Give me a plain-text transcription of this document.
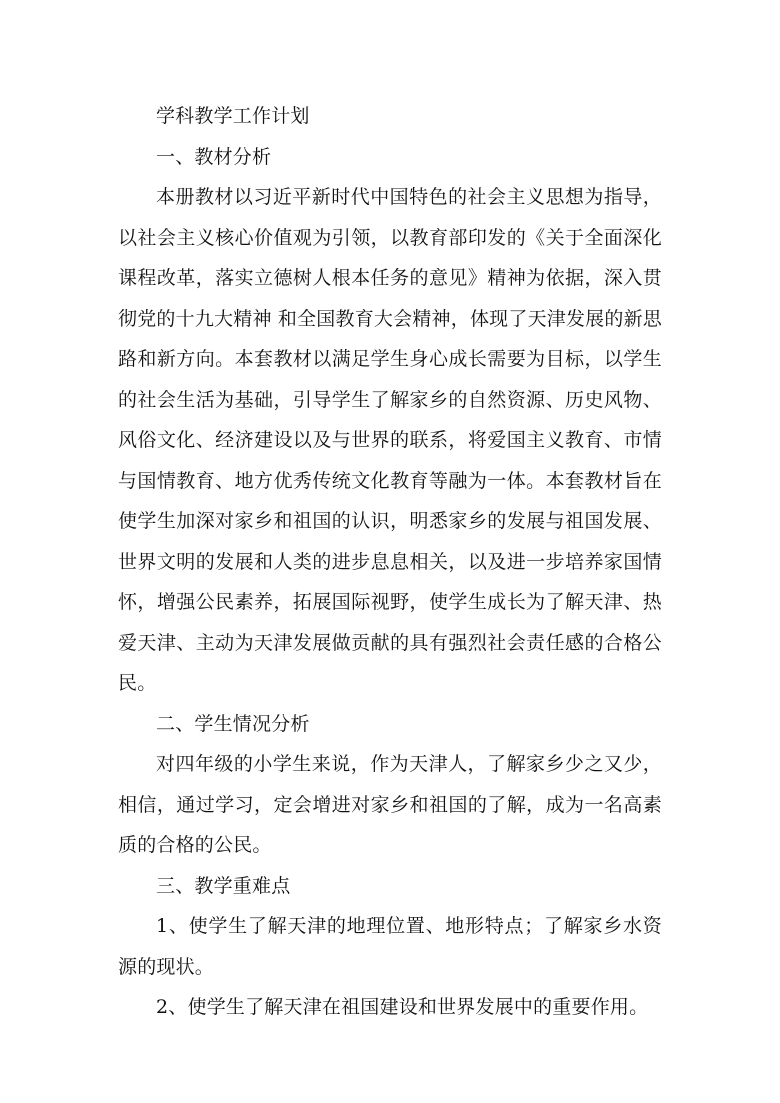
学科教学工作计划

一、教材分析

本册教材以习近平新时代中国特色的社会主义思想为指导，以社会主义核心价值观为引领，以教育部印发的《关于全面深化课程改革，落实立德树人根本任务的意见》精神为依据，深入贯彻党的十九大精神 和全国教育大会精神，体现了天津发展的新思路和新方向。本套教材以满足学生身心成长需要为目标，以学生的社会生活为基础，引导学生了解家乡的自然资源、历史风物、风俗文化、经济建设以及与世界的联系，将爱国主义教育、市情与国情教育、地方优秀传统文化教育等融为一体。本套教材旨在使学生加深对家乡和祖国的认识，明悉家乡的发展与祖国发展、世界文明的发展和人类的进步息息相关，以及进一步培养家国情怀，增强公民素养，拓展国际视野，使学生成长为了解天津、热爱天津、主动为天津发展做贡献的具有强烈社会责任感的合格公民。

二、学生情况分析

对四年级的小学生来说，作为天津人，了解家乡少之又少，相信，通过学习，定会增进对家乡和祖国的了解，成为一名高素质的合格的公民。

三、教学重难点

1、使学生了解天津的地理位置、地形特点；了解家乡水资源的现状。

2、使学生了解天津在祖国建设和世界发展中的重要作用。
